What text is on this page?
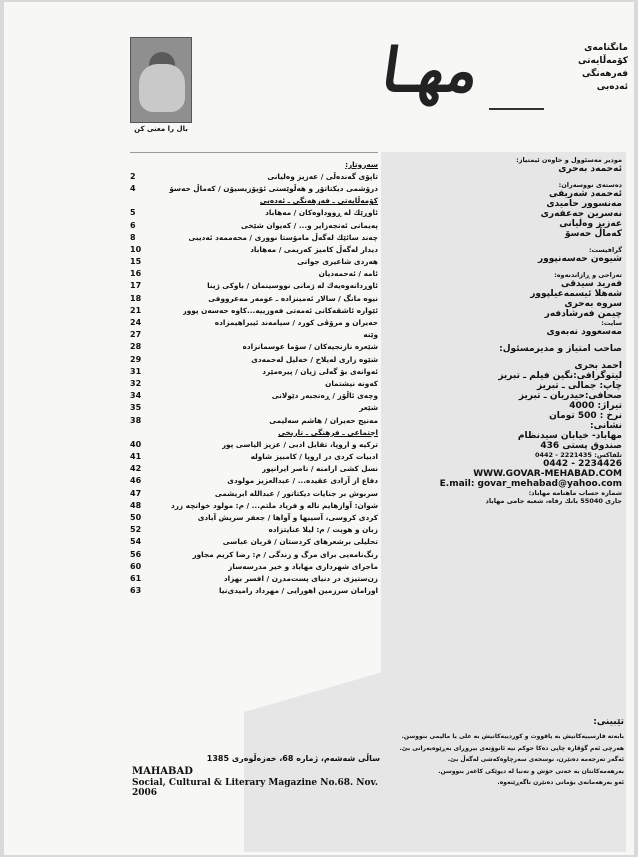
بال را معنی کن
ﻣﻬـﺎ	مانگنامەی
کۆمەڵایەتی
فەرهەنگی
ئەدەبی
سەروتار:
2	تاپۆی گەندەڵی / عەزیز وەلیانی
4	درۆشمی دیکتاتۆر و هەڵوێستی ئۆپۆزیسیۆن / کەماڵ حەسۆ
کۆمەڵایەتی ـ فەرهەنگی ـ ئەدەبی
5	ئاوڕێك لە ڕووداوەکان / مەهاباد
6	پەیمانی ئەنجەزایر و... / کەیوان شێخی
8	چەند سائێك لەگەڵ مامۆستا نووری / محەممەد ئەدیبی
10	دیدار لەگەڵ کامیز کەریمی / مەهاباد
15	هەردی شاعیری جوانی
16	ئامە / ئەحمەدیان
17	ئاوڕدانەوەیەك لە ژمانی نووسینمان / باوکی ژینا
18	نیوە مانگ / سالار ئەمینزادە ـ عومەر مەعرووفی
21	ئێوارە ئاشقەکانی ئەمەتی فەوزییە...کاوە حەسەن پوور
24	حەیران و مرۆڤی کورد / سیامەند ئیبراهیمزادە
27	وێنە
28	شێعرە نازنجیەکان / سۆما عوسمانزادە
29	شێوە زاری لەیلاخ / خەلیل لەحمەدی
31	ئەوانەی بۆ گەلی ژیان / پیرەمێرد
32	کەونە نیشتمان
34	وچەی ئاڵۆز / ڕەنجبەر دێولانی
35	شێعر
38	مەنیج حەیران / هاشم سەلیمی
اجتماعی ـ فرهنگی ـ تاریخی
40	ترکیه و اروپا، تقابل ادبی / عزیز الیاسی پور
41	ادبیات کردی در اروپا / کامبیز شاوله
42	نسل کشی ارامنه / ناصر ایرانپور
46	دفاع از آزادی عقیده... / عبدالعزیز مولودی
47	سربوش بر جنایات دیکتاتور / عبدالله ابریشمی
48	شوان: آوازهایم ناله و فریاد ملتم... / م: مولود خوانچه زرد
50	کردی کروسی، آسیبها و آواها / جعفر سریش آبادی
52	زبان و هویت / م: لیلا عنایتزاده
54	تحلیلی برشعرهای کردستان / قربان عباسی
56	رنگ‌نامەیی برای مرگ و زندگی / م: رضا کریم مجاور
60	ماجرای شهرداری مهاباد و خیر مدرسه‌ساز
61	زن‌ستیزی در دنیای پست‌مدرن / افسر بهزاد
63	اورامان سرزمین اهورایی / مهرداد رامیدی‌نیا
ساڵی شەشەم، ژمارە 68، خەزەڵوەری 1385
MAHABAD
Social, Cultural & Literary Magazine No.68. Nov. 2006
مودیر مەسئوول و خاوەن ئیمتیاز:
ئەحمەد بەحری
دەستەی نووسەران:
ئەحمەد شەریفی
مەنسوور حامیدی
نەسرین جەعفەری
عەزیز وەلیانی
کەماڵ حەسۆ
گرافیست:
شیوەن حەسەنپوور
تەراحی و ڕازاندنەوە:
فەرید سیدقی
شەهلا ئیسمەعیلپوور
سروە بەحری
چیمن فەرشادفەر
سایت:
مەسعوود نەبەوی
صاحب امتیاز و مدیرمسئول:
احمد بحری
لیتوگرافی:نگین فیلم ـ تبریز
چاپ: جمالی ـ تبریز
صحافی:حیدریان ـ تبریز
تیراژ: 4000
نرخ : 500 تومان
نشانی:
مهاباد- خیابان سیدنظام
صندوق پستی 436
تلفاکس: 2221435 - 0442
2234426 - 0442
WWW.GOVAR-MEHABAD.COM
E.mail: govar_mehabad@yahoo.com
شمارە حساب ماهنامە مهاباد:
جاری 55040 بانك رفاه، شعبه جامی مهاباد
تێبینی:
بابەتە فارسییەکانیش بە یاقووت و کوردییەکانیش بە علی یا مالیمی بنووسن.
هەرچی ئەم گۆڤارە چاپی دەکا حوکم نیە ئانوۆتەی بیروڕای بەڕێوەبەرانی بێ.
ئەگەر تەرجەمە دەنێرن، نوسخەی سەرچاوەکەشی لەگەڵ بێ.
بەرهەمەکانتان بە خەتی خۆش و تەنیا لە دیوێکی کاغەز بنووسن.
ئەو بەرهەمانەی بۆمانی دەنێرن ناگەڕێنەوە.
